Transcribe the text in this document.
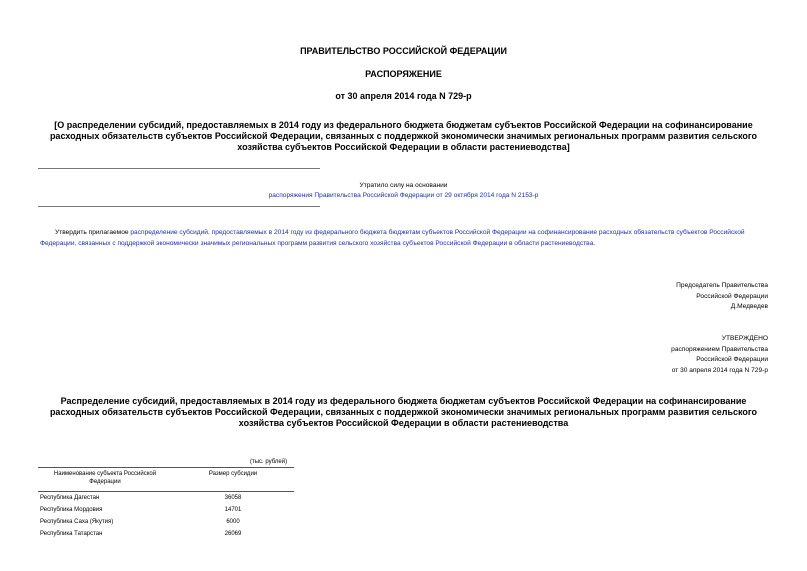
ПРАВИТЕЛЬСТВО РОССИЙСКОЙ ФЕДЕРАЦИИ
РАСПОРЯЖЕНИЕ
от 30 апреля 2014 года N 729-р
[О распределении субсидий, предоставляемых в 2014 году из федерального бюджета бюджетам субъектов Российской Федерации на софинансирование расходных обязательств субъектов Российской Федерации, связанных с поддержкой экономически значимых региональных программ развития сельского хозяйства субъектов Российской Федерации в области растениеводства]
Утратило силу на основании
распоряжения Правительства Российской Федерации от 29 октября 2014 года N 2153-р
Утвердить прилагаемое распределение субсидий, предоставляемых в 2014 году из федерального бюджета бюджетам субъектов Российской Федерации на софинансирование расходных обязательств субъектов Российской Федерации, связанных с поддержкой экономически значимых региональных программ развития сельского хозяйства субъектов Российской Федерации в области растениеводства.
Председатель Правительства
Российской Федерации
Д.Медведев
УТВЕРЖДЕНО
распоряжением Правительства
Российской Федерации
от 30 апреля 2014 года N 729-р
Распределение субсидий, предоставляемых в 2014 году из федерального бюджета бюджетам субъектов Российской Федерации на софинансирование расходных обязательств субъектов Российской Федерации, связанных с поддержкой экономически значимых региональных программ развития сельского хозяйства субъектов Российской Федерации в области растениеводства
(тыс. рублей)
Наименование субъекта Российской Федерации	Размер субсидии
Республика Дагестан	36058
Республика Мордовия	14701
Республика Саха (Якутия)	6000
Республика Татарстан	26069
